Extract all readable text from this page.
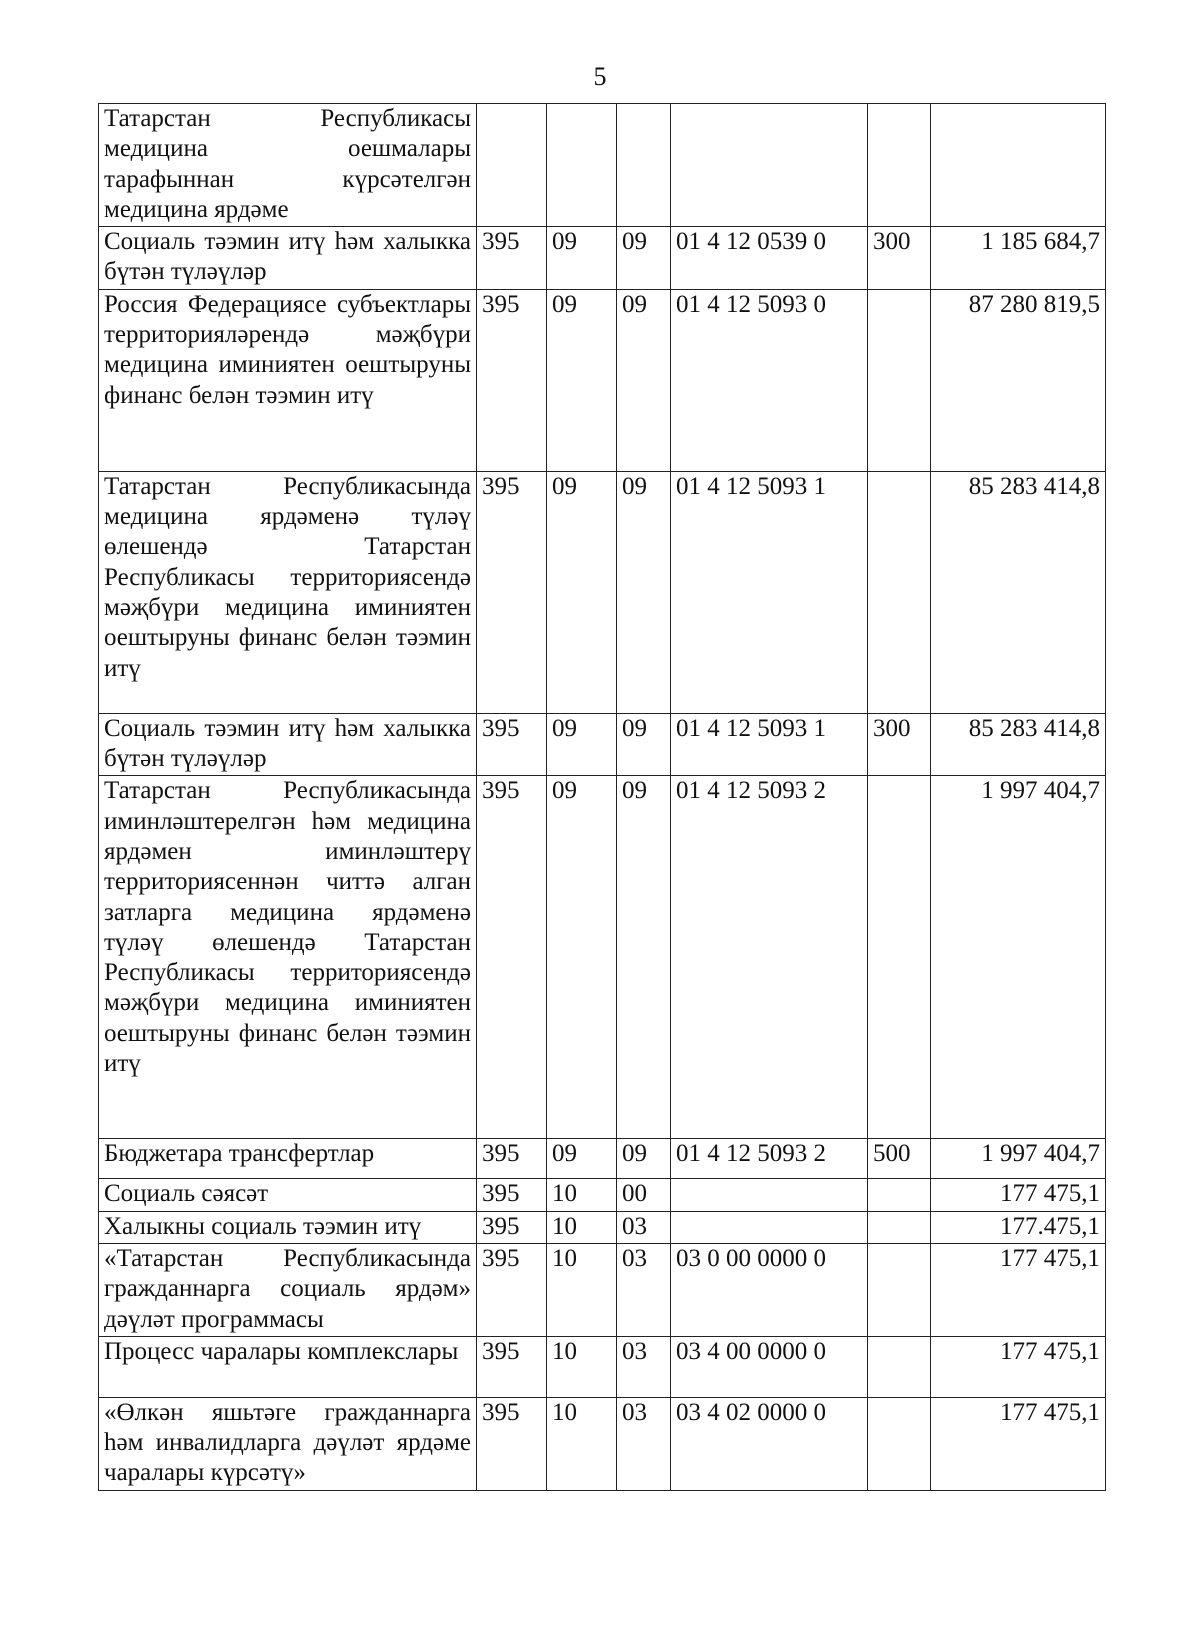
5
Татарстан Республикасы медицина оешмалары тарафыннан күрсәтелгән медицина ярдәме						
Социаль тәэмин итү һәм халыкка бүтән түләүләр	395	09	09	01 4 12 0539 0	300	1 185 684,7
Россия Федерациясе субъектлары территорияләрендә мәҗбүри медицина иминиятен оештыруны финанс белән тәэмин итү	395	09	09	01 4 12 5093 0		87 280 819,5
Татарстан Республикасында медицина ярдәменә түләү өлешендә Татарстан Республикасы территориясендә мәҗбүри медицина иминиятен оештыруны финанс белән тәэмин итү	395	09	09	01 4 12 5093 1		85 283 414,8
Социаль тәэмин итү һәм халыкка бүтән түләүләр	395	09	09	01 4 12 5093 1	300	85 283 414,8
Татарстан Республикасында иминләштерелгән һәм медицина ярдәмен иминләштерү территориясеннән читтә алган затларга медицина ярдәменә түләү өлешендә Татарстан Республикасы территориясендә мәҗбүри медицина иминиятен оештыруны финанс белән тәэмин итү	395	09	09	01 4 12 5093 2		1 997 404,7
Бюджетара трансфертлар	395	09	09	01 4 12 5093 2	500	1 997 404,7
Социаль сәясәт	395	10	00			177 475,1
Халыкны социаль тәэмин итү	395	10	03			177.475,1
«Татарстан Республикасында гражданнарга социаль ярдәм» дәүләт программасы	395	10	03	03 0 00 0000 0		177 475,1
Процесс чаралары комплекслары	395	10	03	03 4 00 0000 0		177 475,1
«Өлкән яшьтәге гражданнарга һәм инвалидларга дәүләт ярдәме чаралары күрсәтү»	395	10	03	03 4 02 0000 0		177 475,1
